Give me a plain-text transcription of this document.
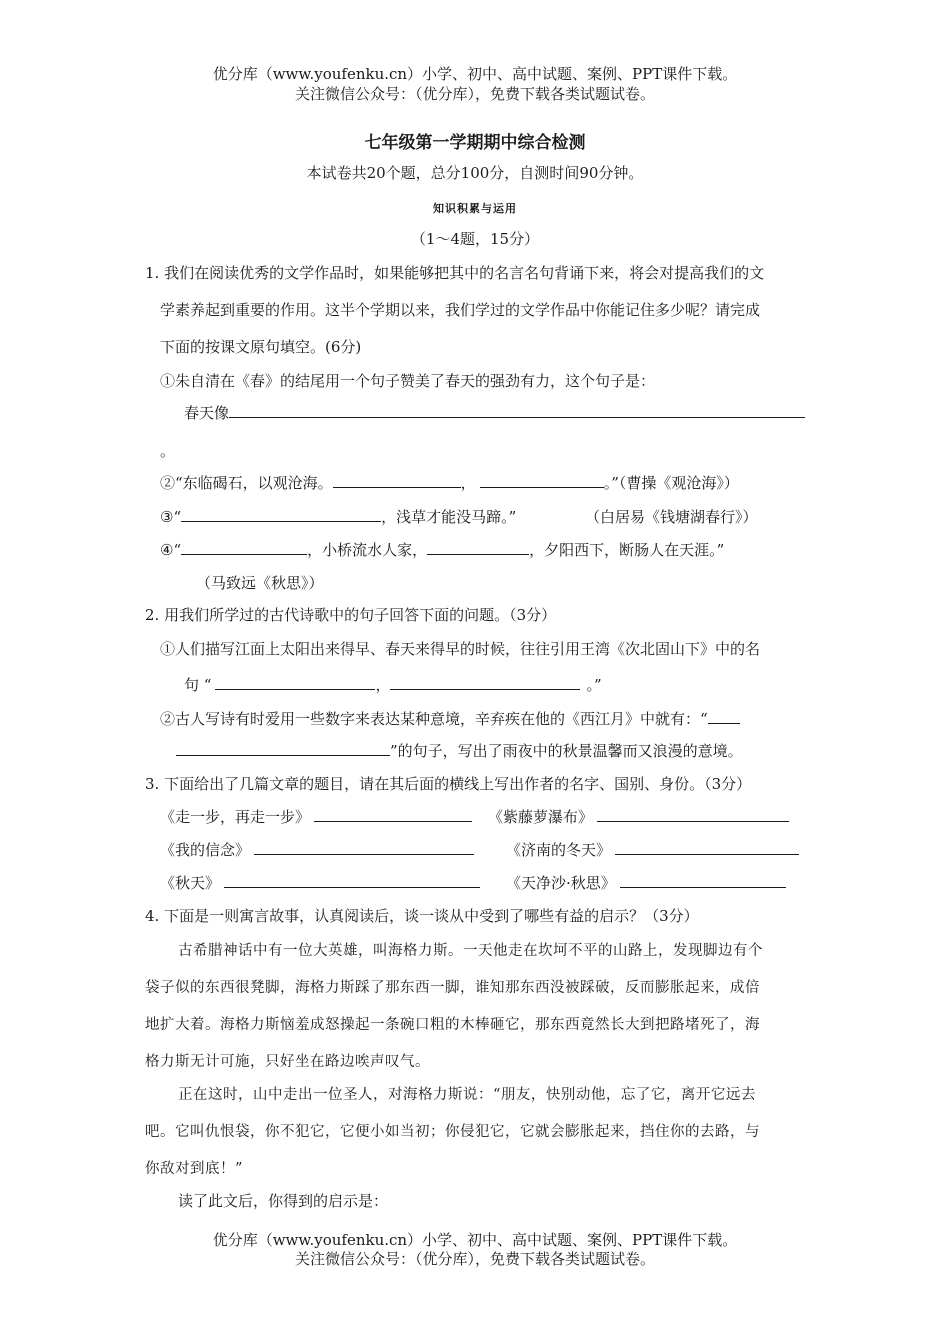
优分库（www.youfenku.cn）小学、初中、高中试题、案例、PPT课件下载。
关注微信公众号：（优分库），免费下载各类试题试卷。
七年级第一学期期中综合检测
本试卷共20个题，总分100分，自测时间90分钟。
知识积累与运用
（1～4题，15分）
1. 我们在阅读优秀的文学作品时，如果能够把其中的名言名句背诵下来，将会对提高我们的文
学素养起到重要的作用。这半个学期以来，我们学过的文学作品中你能记住多少呢？请完成
下面的按课文原句填空。(6分)
①朱自清在《春》的结尾用一个句子赞美了春天的强劲有力，这个句子是：
春天像
。
②“东临碣石，以观沧海。	，	。”（曹操《观沧海》）
③“	，浅草才能没马蹄。”	（白居易《钱塘湖春行》）
④“	，小桥流水人家，	，夕阳西下，断肠人在天涯。”
（马致远《秋思》）
2. 用我们所学过的古代诗歌中的句子回答下面的问题。（3分）
①人们描写江面上太阳出来得早、春天来得早的时候，往往引用王湾《次北固山下》中的名
句 “	，	。”
②古人写诗有时爱用一些数字来表达某种意境，辛弃疾在他的《西江月》中就有：“
”的句子，写出了雨夜中的秋景温馨而又浪漫的意境。
3. 下面给出了几篇文章的题目，请在其后面的横线上写出作者的名字、国别、身份。（3分）
《走一步，再走一步》	《紫藤萝瀑布》
《我的信念》	《济南的冬天》
《秋天》	《天净沙·秋思》
4. 下面是一则寓言故事，认真阅读后，谈一谈从中受到了哪些有益的启示？（3分）
古希腊神话中有一位大英雄，叫海格力斯。一天他走在坎坷不平的山路上，发现脚边有个
袋子似的东西很凳脚，海格力斯踩了那东西一脚，谁知那东西没被踩破，反而膨胀起来，成倍
地扩大着。海格力斯恼羞成怒操起一条碗口粗的木棒砸它，那东西竟然长大到把路堵死了，海
格力斯无计可施，只好坐在路边唉声叹气。
正在这时，山中走出一位圣人，对海格力斯说：“朋友，快别动他，忘了它，离开它远去
吧。它叫仇恨袋，你不犯它，它便小如当初；你侵犯它，它就会膨胀起来，挡住你的去路，与
你敌对到底！”
读了此文后，你得到的启示是：
优分库（www.youfenku.cn）小学、初中、高中试题、案例、PPT课件下载。
关注微信公众号：（优分库），免费下载各类试题试卷。
